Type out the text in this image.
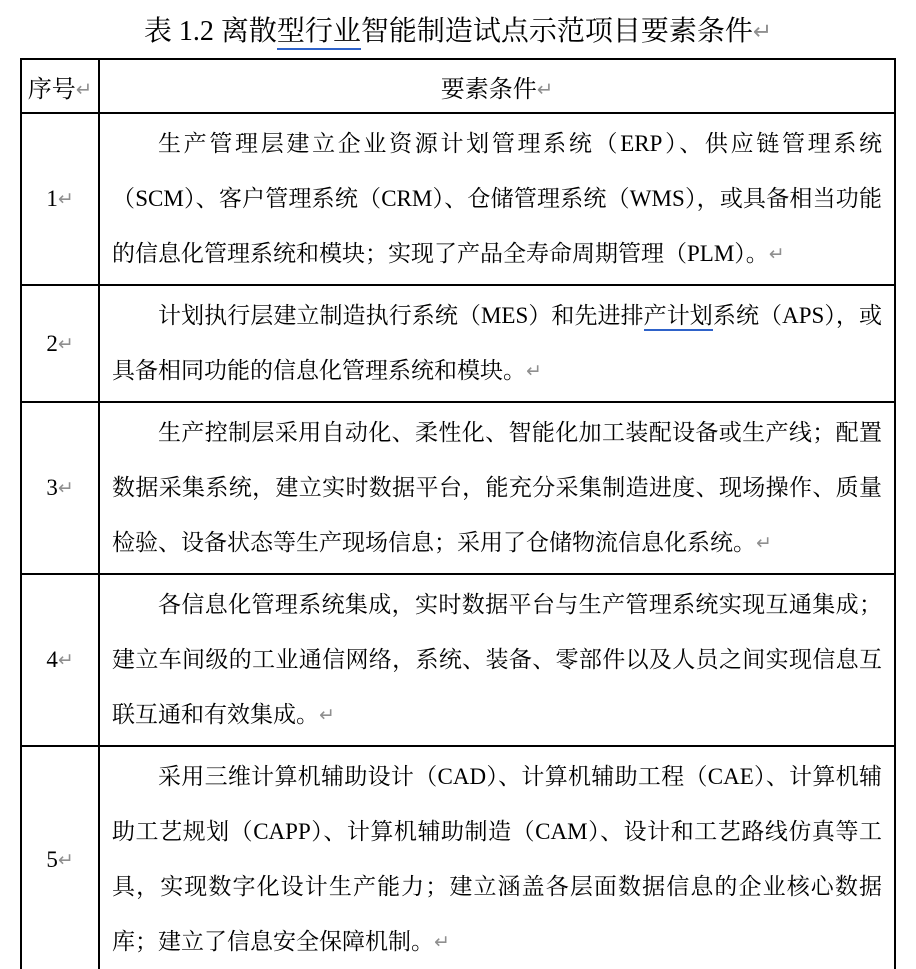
表 1.2 离散型行业智能制造试点示范项目要素条件↵
序号↵	要素条件↵
1↵	生产管理层建立企业资源计划管理系统（ERP）、供应链管理系统（SCM）、客户管理系统（CRM）、仓储管理系统（WMS），或具备相当功能的信息化管理系统和模块；实现了产品全寿命周期管理（PLM）。↵

2↵	计划执行层建立制造执行系统（MES）和先进排产计划系统（APS），或具备相同功能的信息化管理系统和模块。↵

3↵	生产控制层采用自动化、柔性化、智能化加工装配设备或生产线；配置数据采集系统，建立实时数据平台，能充分采集制造进度、现场操作、质量检验、设备状态等生产现场信息；采用了仓储物流信息化系统。↵

4↵	各信息化管理系统集成，实时数据平台与生产管理系统实现互通集成；建立车间级的工业通信网络，系统、装备、零部件以及人员之间实现信息互联互通和有效集成。↵

5↵	采用三维计算机辅助设计（CAD）、计算机辅助工程（CAE）、计算机辅助工艺规划（CAPP）、计算机辅助制造（CAM）、设计和工艺路线仿真等工具，实现数字化设计生产能力；建立涵盖各层面数据信息的企业核心数据库；建立了信息安全保障机制。↵
